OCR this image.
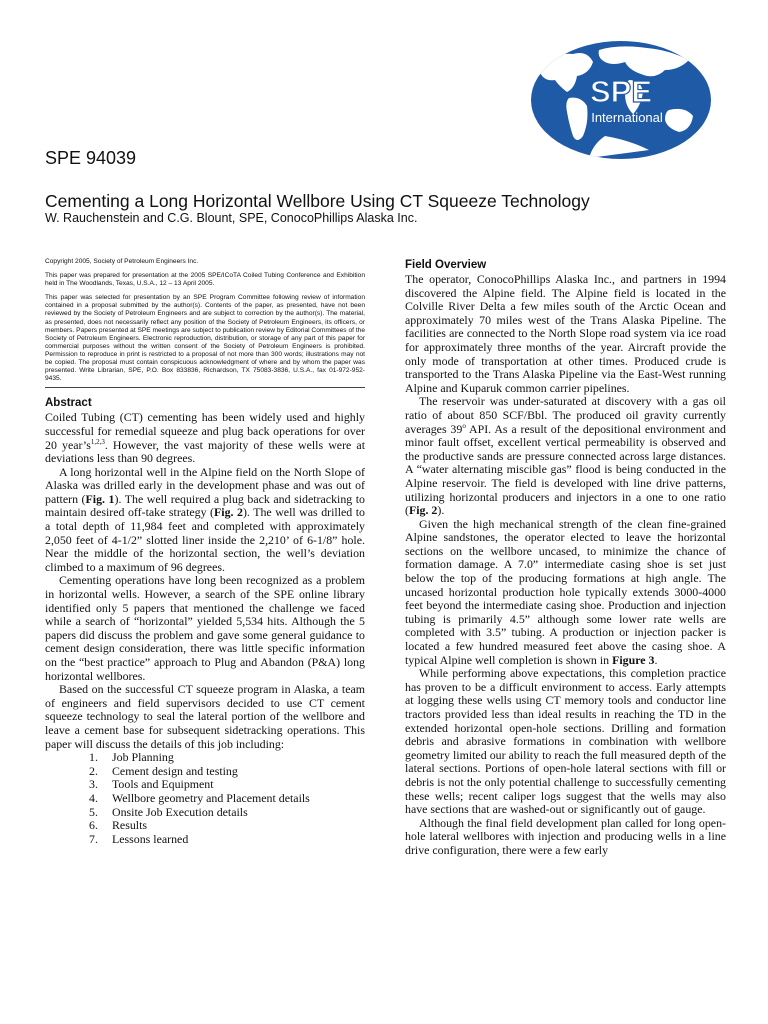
SPE
International
SPE 94039
Cementing a Long Horizontal Wellbore Using CT Squeeze Technology

W. Rauchenstein and C.G. Blount, SPE, ConocoPhillips Alaska Inc.

Copyright 2005, Society of Petroleum Engineers Inc.

This paper was prepared for presentation at the 2005 SPE/ICoTA Coiled Tubing Conference and Exhibition held in The Woodlands, Texas, U.S.A., 12 – 13 April 2005.

This paper was selected for presentation by an SPE Program Committee following review of information contained in a proposal submitted by the author(s). Contents of the paper, as presented, have not been reviewed by the Society of Petroleum Engineers and are subject to correction by the author(s). The material, as presented, does not necessarily reflect any position of the Society of Petroleum Engineers, its officers, or members. Papers presented at SPE meetings are subject to publication review by Editorial Committees of the Society of Petroleum Engineers. Electronic reproduction, distribution, or storage of any part of this paper for commercial purposes without the written consent of the Society of Petroleum Engineers is prohibited. Permission to reproduce in print is restricted to a proposal of not more than 300 words; illustrations may not be copied. The proposal must contain conspicuous acknowledgment of where and by whom the paper was presented. Write Librarian, SPE, P.O. Box 833836, Richardson, TX 75083-3836, U.S.A., fax 01-972-952-9435.

Abstract

Coiled Tubing (CT) cementing has been widely used and highly successful for remedial squeeze and plug back operations for over 20 $year’s^{1,2,3}$. However, the vast majority of these wells were at deviations less than 90 degrees.

A long horizontal well in the Alpine field on the North Slope of Alaska was drilled early in the development phase and was out of pattern (Fig. 1). The well required a plug back and sidetracking to maintain desired off-take strategy (Fig. 2). The well was drilled to a total depth of 11,984 feet and completed with approximately 2,050 feet of 4-1/2” slotted liner inside the 2,210’ of 6-1/8” hole. Near the middle of the horizontal section, the well’s deviation climbed to a maximum of 96 degrees.

Cementing operations have long been recognized as a problem in horizontal wells. However, a search of the SPE online library identified only 5 papers that mentioned the challenge we faced while a search of “horizontal” yielded 5,534 hits. Although the 5 papers did discuss the problem and gave some general guidance to cement design consideration, there was little specific information on the “best practice” approach to Plug and Abandon (P&A) long horizontal wellbores.

Based on the successful CT squeeze program in Alaska, a team of engineers and field supervisors decided to use CT cement squeeze technology to seal the lateral portion of the wellbore and leave a cement base for subsequent sidetracking operations. This paper will discuss the details of this job including:

1.	Job Planning
2.	Cement design and testing
3.	Tools and Equipment
4.	Wellbore geometry and Placement details
5.	Onsite Job Execution details
6.	Results
7.	Lessons learned
Field Overview

The operator, ConocoPhillips Alaska Inc., and partners in 1994 discovered the Alpine field. The Alpine field is located in the Colville River Delta a few miles south of the Arctic Ocean and approximately 70 miles west of the Trans Alaska Pipeline. The facilities are connected to the North Slope road system via ice road for approximately three months of the year. Aircraft provide the only mode of transportation at other times. Produced crude is transported to the Trans Alaska Pipeline via the East-West running Alpine and Kuparuk common carrier pipelines.

The reservoir was under-saturated at discovery with a gas oil ratio of about 850 SCF/Bbl. The produced oil gravity currently averages 39$^o$ API. As a result of the depositional environment and minor fault offset, excellent vertical permeability is observed and the productive sands are pressure connected across large distances. A “water alternating miscible gas” flood is being conducted in the Alpine reservoir. The field is developed with line drive patterns, utilizing horizontal producers and injectors in a one to one ratio (Fig. 2).

Given the high mechanical strength of the clean fine-grained Alpine sandstones, the operator elected to leave the horizontal sections on the wellbore uncased, to minimize the chance of formation damage. A 7.0” intermediate casing shoe is set just below the top of the producing formations at high angle. The uncased horizontal production hole typically extends 3000-4000 feet beyond the intermediate casing shoe. Production and injection tubing is primarily 4.5” although some lower rate wells are completed with 3.5” tubing. A production or injection packer is located a few hundred measured feet above the casing shoe. A typical Alpine well completion is shown in Figure 3.

While performing above expectations, this completion practice has proven to be a difficult environment to access. Early attempts at logging these wells using CT memory tools and conductor line tractors provided less than ideal results in reaching the TD in the extended horizontal open-hole sections. Drilling and formation debris and abrasive formations in combination with wellbore geometry limited our ability to reach the full measured depth of the lateral sections. Portions of open-hole lateral sections with fill or debris is not the only potential challenge to successfully cementing these wells; recent caliper logs suggest that the wells may also have sections that are washed-out or significantly out of gauge.

Although the final field development plan called for long open-hole lateral wellbores with injection and producing wells in a line drive configuration, there were a few early
